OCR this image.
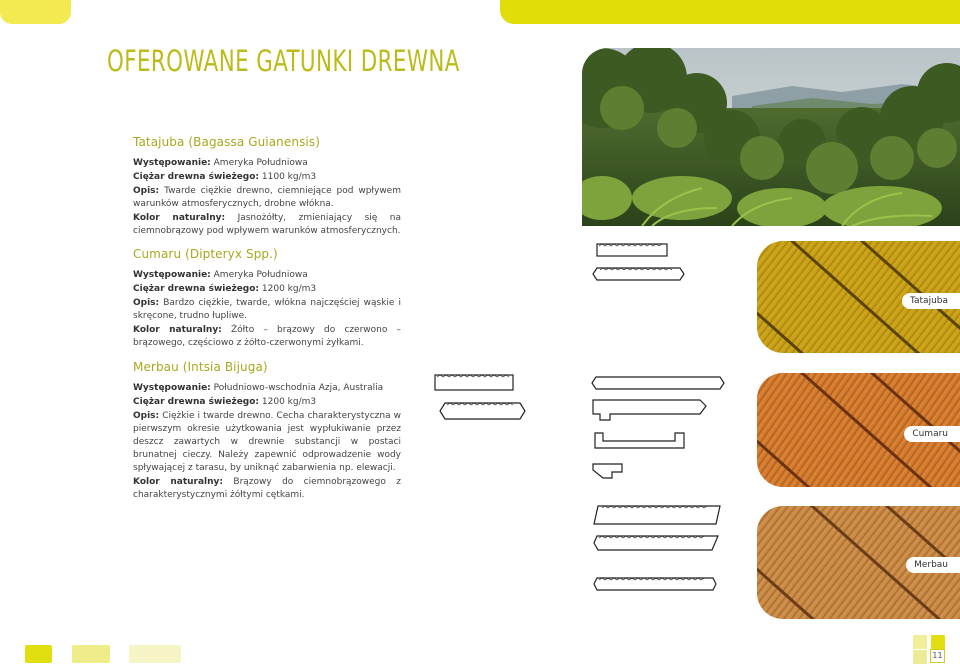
OFEROWANE GATUNKI DREWNA
Tatajuba (Bagassa Guianensis)

Występowanie: Ameryka Południowa

Ciężar drewna świeżego: 1100 kg/m3

Opis: Twarde ciężkie drewno, ciemniejące pod wpływem warunków atmosferycznych, drobne włókna.

Kolor naturalny: Jasnożółty, zmieniający się na ciemnobrązowy pod wpływem warunków atmosferycznych.

Cumaru (Dipteryx Spp.)

Występowanie: Ameryka Południowa

Ciężar drewna świeżego: 1200 kg/m3

Opis: Bardzo ciężkie, twarde, włókna najczęściej wąskie i skręcone, trudno łupliwe.

Kolor naturalny: Żółto – brązowy do czerwono – brązowego, częściowo z żółto-czerwonymi żyłkami.

Merbau (Intsia Bijuga)

Występowanie: Południowo-wschodnia Azja, Australia

Ciężar drewna świeżego: 1200 kg/m3

Opis: Ciężkie i twarde drewno. Cecha charakterystyczna w pierwszym okresie użytkowania jest wypłukiwanie przez deszcz zawartych w drewnie substancji w postaci brunatnej cieczy. Należy zapewnić odprowadzenie wody spływającej z tarasu, by uniknąć zabarwienia np. elewacji.

Kolor naturalny: Brązowy do ciemnobrązowego z charakterystycznymi żółtymi cętkami.

Tatajuba
Cumaru
Merbau
11
